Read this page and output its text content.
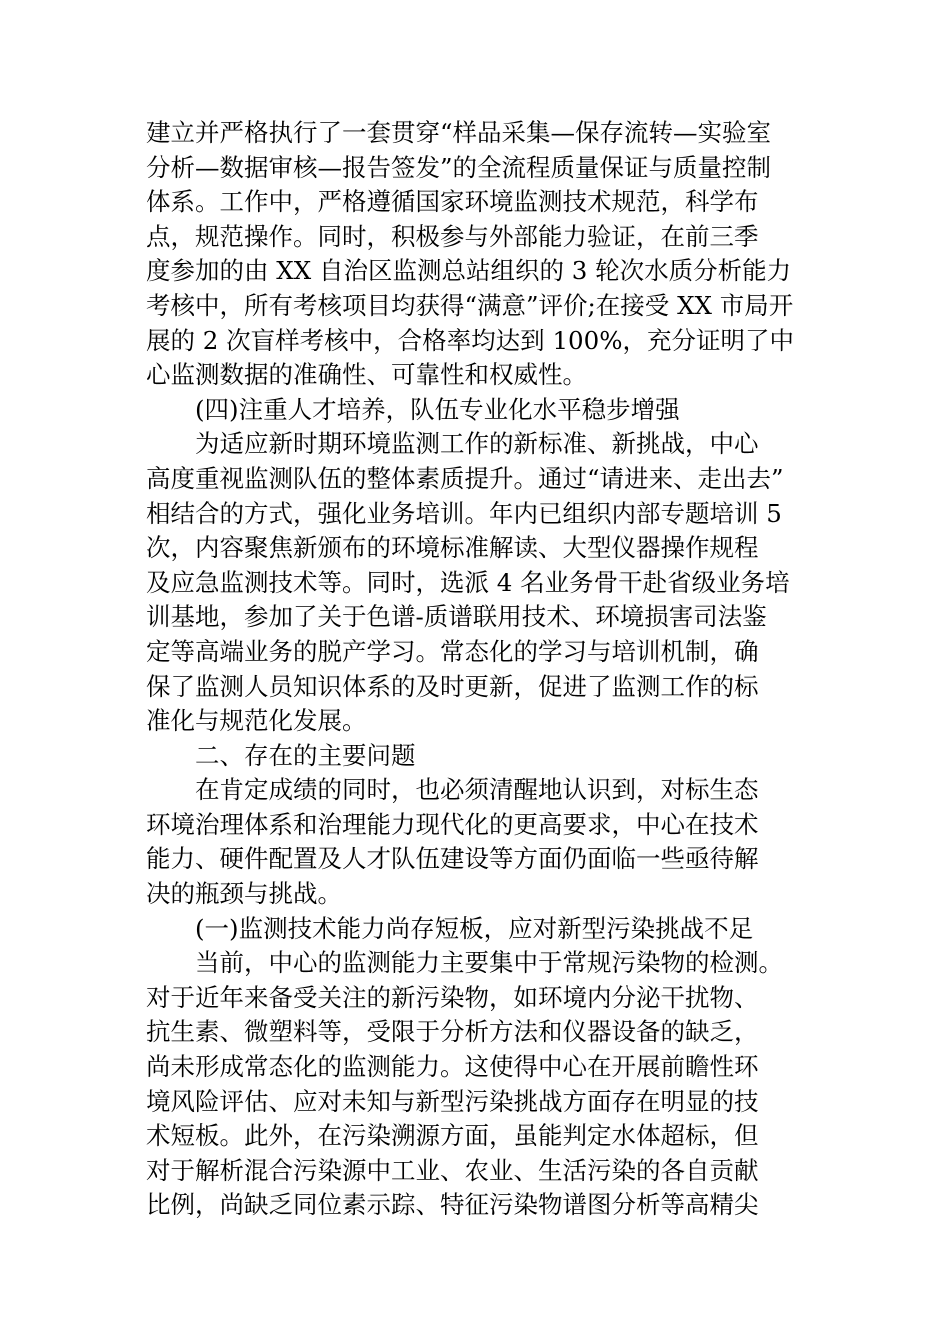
建立并严格执行了一套贯穿“样品采集—保存流转—实验室
分析—数据审核—报告签发”的全流程质量保证与质量控制
体系。工作中，严格遵循国家环境监测技术规范，科学布
点，规范操作。同时，积极参与外部能力验证，在前三季
度参加的由 XX 自治区监测总站组织的 3 轮次水质分析能力
考核中，所有考核项目均获得“满意”评价;在接受 XX 市局开
展的 2 次盲样考核中，合格率均达到 100%，充分证明了中
心监测数据的准确性、可靠性和权威性。
(四)注重人才培养，队伍专业化水平稳步增强
为适应新时期环境监测工作的新标准、新挑战，中心
高度重视监测队伍的整体素质提升。通过“请进来、走出去”
相结合的方式，强化业务培训。年内已组织内部专题培训 5
次，内容聚焦新颁布的环境标准解读、大型仪器操作规程
及应急监测技术等。同时，选派 4 名业务骨干赴省级业务培
训基地，参加了关于色谱-质谱联用技术、环境损害司法鉴
定等高端业务的脱产学习。常态化的学习与培训机制，确
保了监测人员知识体系的及时更新，促进了监测工作的标
准化与规范化发展。
二、存在的主要问题
在肯定成绩的同时，也必须清醒地认识到，对标生态
环境治理体系和治理能力现代化的更高要求，中心在技术
能力、硬件配置及人才队伍建设等方面仍面临一些亟待解
决的瓶颈与挑战。
(一)监测技术能力尚存短板，应对新型污染挑战不足
当前，中心的监测能力主要集中于常规污染物的检测。
对于近年来备受关注的新污染物，如环境内分泌干扰物、
抗生素、微塑料等，受限于分析方法和仪器设备的缺乏，
尚未形成常态化的监测能力。这使得中心在开展前瞻性环
境风险评估、应对未知与新型污染挑战方面存在明显的技
术短板。此外，在污染溯源方面，虽能判定水体超标，但
对于解析混合污染源中工业、农业、生活污染的各自贡献
比例，尚缺乏同位素示踪、特征污染物谱图分析等高精尖
